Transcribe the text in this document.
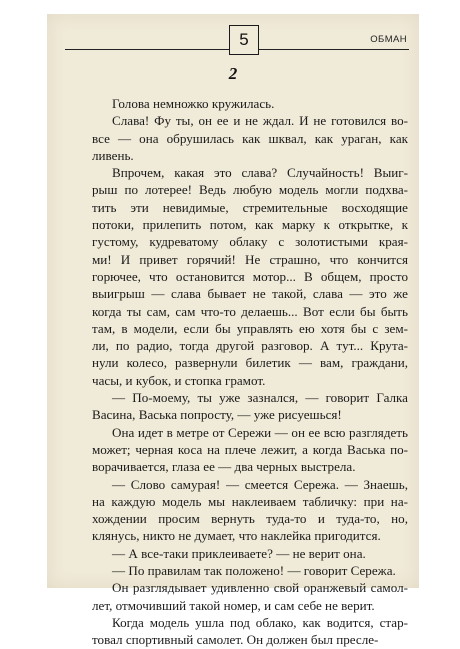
5	ОБМАН
2
Голова немножко кружилась.
Слава! Фу ты, он ее и не ждал. И не готовился во-
все — она обрушилась как шквал, как ураган, как
ливень.
Впрочем, какая это слава? Случайность! Выиг-
рыш по лотерее! Ведь любую модель могли подхва-
тить эти невидимые, стремительные восходящие
потоки, прилепить потом, как марку к открытке, к
густому, кудреватому облаку с золотистыми края-
ми! И привет горячий! Не страшно, что кончится
горючее, что остановится мотор... В общем, просто
выигрыш — слава бывает не такой, слава — это же
когда ты сам, сам что-то делаешь... Вот если бы быть
там, в модели, если бы управлять ею хотя бы с зем-
ли, по радио, тогда другой разговор. А тут... Крута-
нули колесо, развернули билетик — вам, граждани,
часы, и кубок, и стопка грамот.
— По-моему, ты уже зазнался, — говорит Галка
Васина, Васька попросту, — уже рисуешься!
Она идет в метре от Сережи — он ее всю разглядеть
может; черная коса на плече лежит, а когда Васька по-
ворачивается, глаза ее — два черных выстрела.
— Слово самурая! — смеется Сережа. — Знаешь,
на каждую модель мы наклеиваем табличку: при на-
хождении просим вернуть туда-то и туда-то, но,
клянусь, никто не думает, что наклейка пригодится.
— А все-таки приклеиваете? — не верит она.
— По правилам так положено! — говорит Сережа.
Он разглядывает удивленно свой оранжевый самол-
лет, отмочивший такой номер, и сам себе не верит.
Когда модель ушла под облако, как водится, стар-
товал спортивный самолет. Он должен был пресле-
